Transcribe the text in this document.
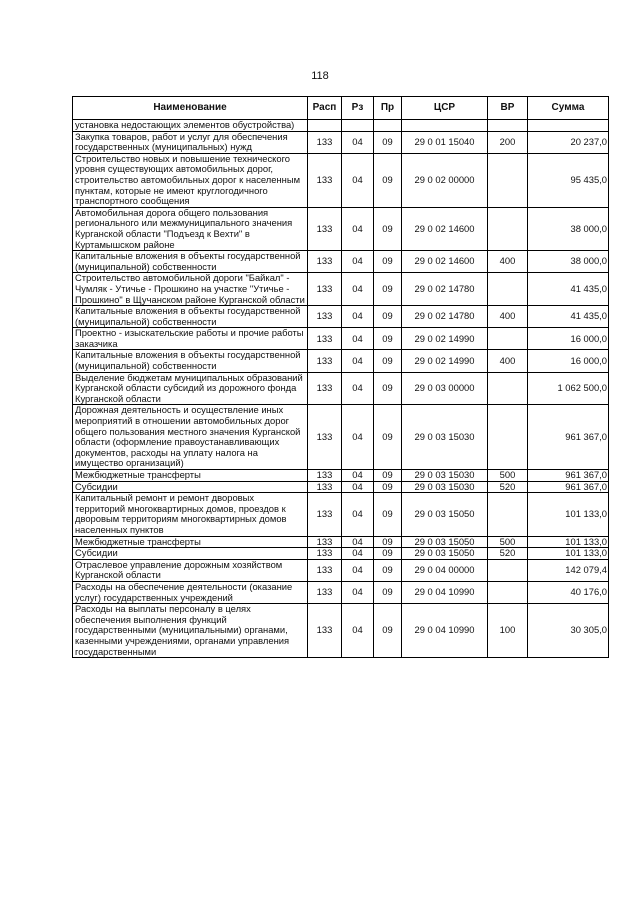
118
Наименование	Расп	Рз	Пр	ЦСР	ВР	Сумма
установка недостающих элементов обустройства)						
Закупка товаров, работ и услуг для обеспечения государственных (муниципальных) нужд	133	04	09	29 0 01 15040	200	20 237,0
Строительство новых и повышение технического уровня существующих автомобильных дорог, строительство автомобильных дорог к населенным пунктам, которые не имеют круглогодичного транспортного сообщения	133	04	09	29 0 02 00000		95 435,0
Автомобильная дорога общего пользования регионального или межмуниципального значения Курганской области "Подъезд к Вехти" в Куртамышском районе	133	04	09	29 0 02 14600		38 000,0
Капитальные вложения в объекты государственной (муниципальной) собственности	133	04	09	29 0 02 14600	400	38 000,0
Строительство автомобильной дороги "Байкал" - Чумляк - Утичье - Прошкино на участке "Утичье - Прошкино" в Щучанском районе Курганской области	133	04	09	29 0 02 14780		41 435,0
Капитальные вложения в объекты государственной (муниципальной) собственности	133	04	09	29 0 02 14780	400	41 435,0
Проектно - изыскательские работы и прочие работы заказчика	133	04	09	29 0 02 14990		16 000,0
Капитальные вложения в объекты государственной (муниципальной) собственности	133	04	09	29 0 02 14990	400	16 000,0
Выделение бюджетам муниципальных образований Курганской области субсидий из дорожного фонда Курганской области	133	04	09	29 0 03 00000		1 062 500,0
Дорожная деятельность и осуществление иных мероприятий в отношении автомобильных дорог общего пользования местного значения Курганской области (оформление правоустанавливающих документов, расходы на уплату налога на имущество организаций)	133	04	09	29 0 03 15030		961 367,0
Межбюджетные трансферты	133	04	09	29 0 03 15030	500	961 367,0
Субсидии	133	04	09	29 0 03 15030	520	961 367,0
Капитальный ремонт и ремонт дворовых территорий многоквартирных домов, проездов к дворовым территориям многоквартирных домов населенных пунктов	133	04	09	29 0 03 15050		101 133,0
Межбюджетные трансферты	133	04	09	29 0 03 15050	500	101 133,0
Субсидии	133	04	09	29 0 03 15050	520	101 133,0
Отраслевое управление дорожным хозяйством Курганской области	133	04	09	29 0 04 00000		142 079,4
Расходы на обеспечение деятельности (оказание услуг) государственных учреждений	133	04	09	29 0 04 10990		40 176,0
Расходы на выплаты персоналу в целях обеспечения выполнения функций государственными (муниципальными) органами, казенными учреждениями, органами управления государственными	133	04	09	29 0 04 10990	100	30 305,0
